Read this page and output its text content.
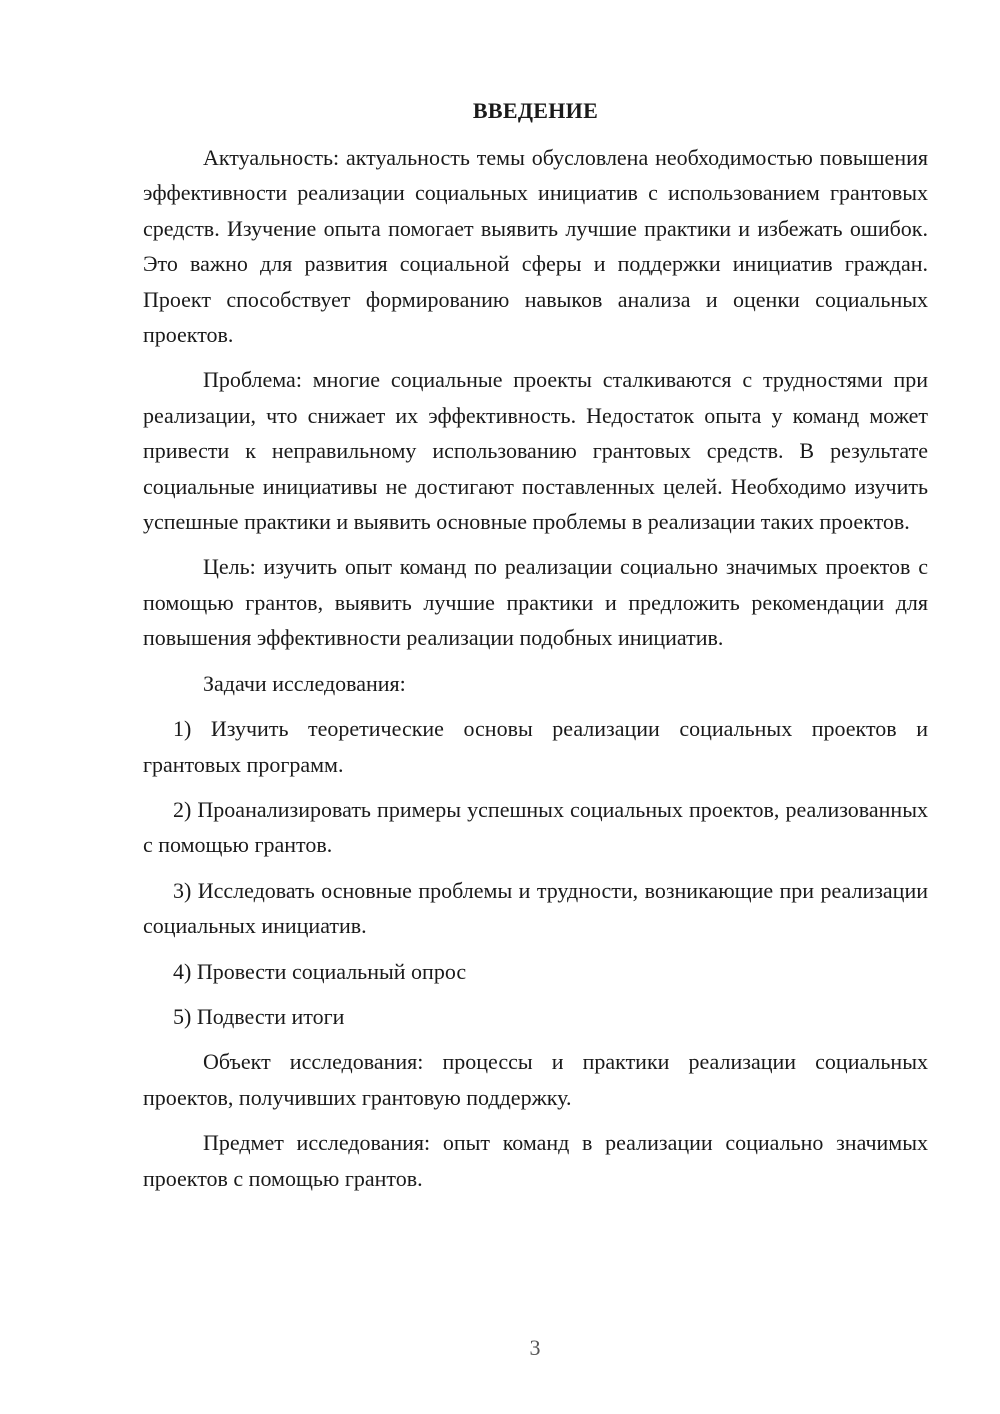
ВВЕДЕНИЕ

Актуальность: актуальность темы обусловлена необходимостью повышения эффективности реализации социальных инициатив с использованием грантовых средств. Изучение опыта помогает выявить лучшие практики и избежать ошибок. Это важно для развития социальной сферы и поддержки инициатив граждан. Проект способствует формированию навыков анализа и оценки социальных проектов.

Проблема: многие социальные проекты сталкиваются с трудностями при реализации, что снижает их эффективность. Недостаток опыта у команд может привести к неправильному использованию грантовых средств. В результате социальные инициативы не достигают поставленных целей. Необходимо изучить успешные практики и выявить основные проблемы в реализации таких проектов.

Цель: изучить опыт команд по реализации социально значимых проектов с помощью грантов, выявить лучшие практики и предложить рекомендации для повышения эффективности реализации подобных инициатив.

Задачи исследования:

1) Изучить теоретические основы реализации социальных проектов и грантовых программ.

2) Проанализировать примеры успешных социальных проектов, реализованных с помощью грантов.

3) Исследовать основные проблемы и трудности, возникающие при реализации социальных инициатив.

4) Провести социальный опрос

5) Подвести итоги

Объект исследования: процессы и практики реализации социальных проектов, получивших грантовую поддержку.

Предмет исследования: опыт команд в реализации социально значимых проектов с помощью грантов.

3
